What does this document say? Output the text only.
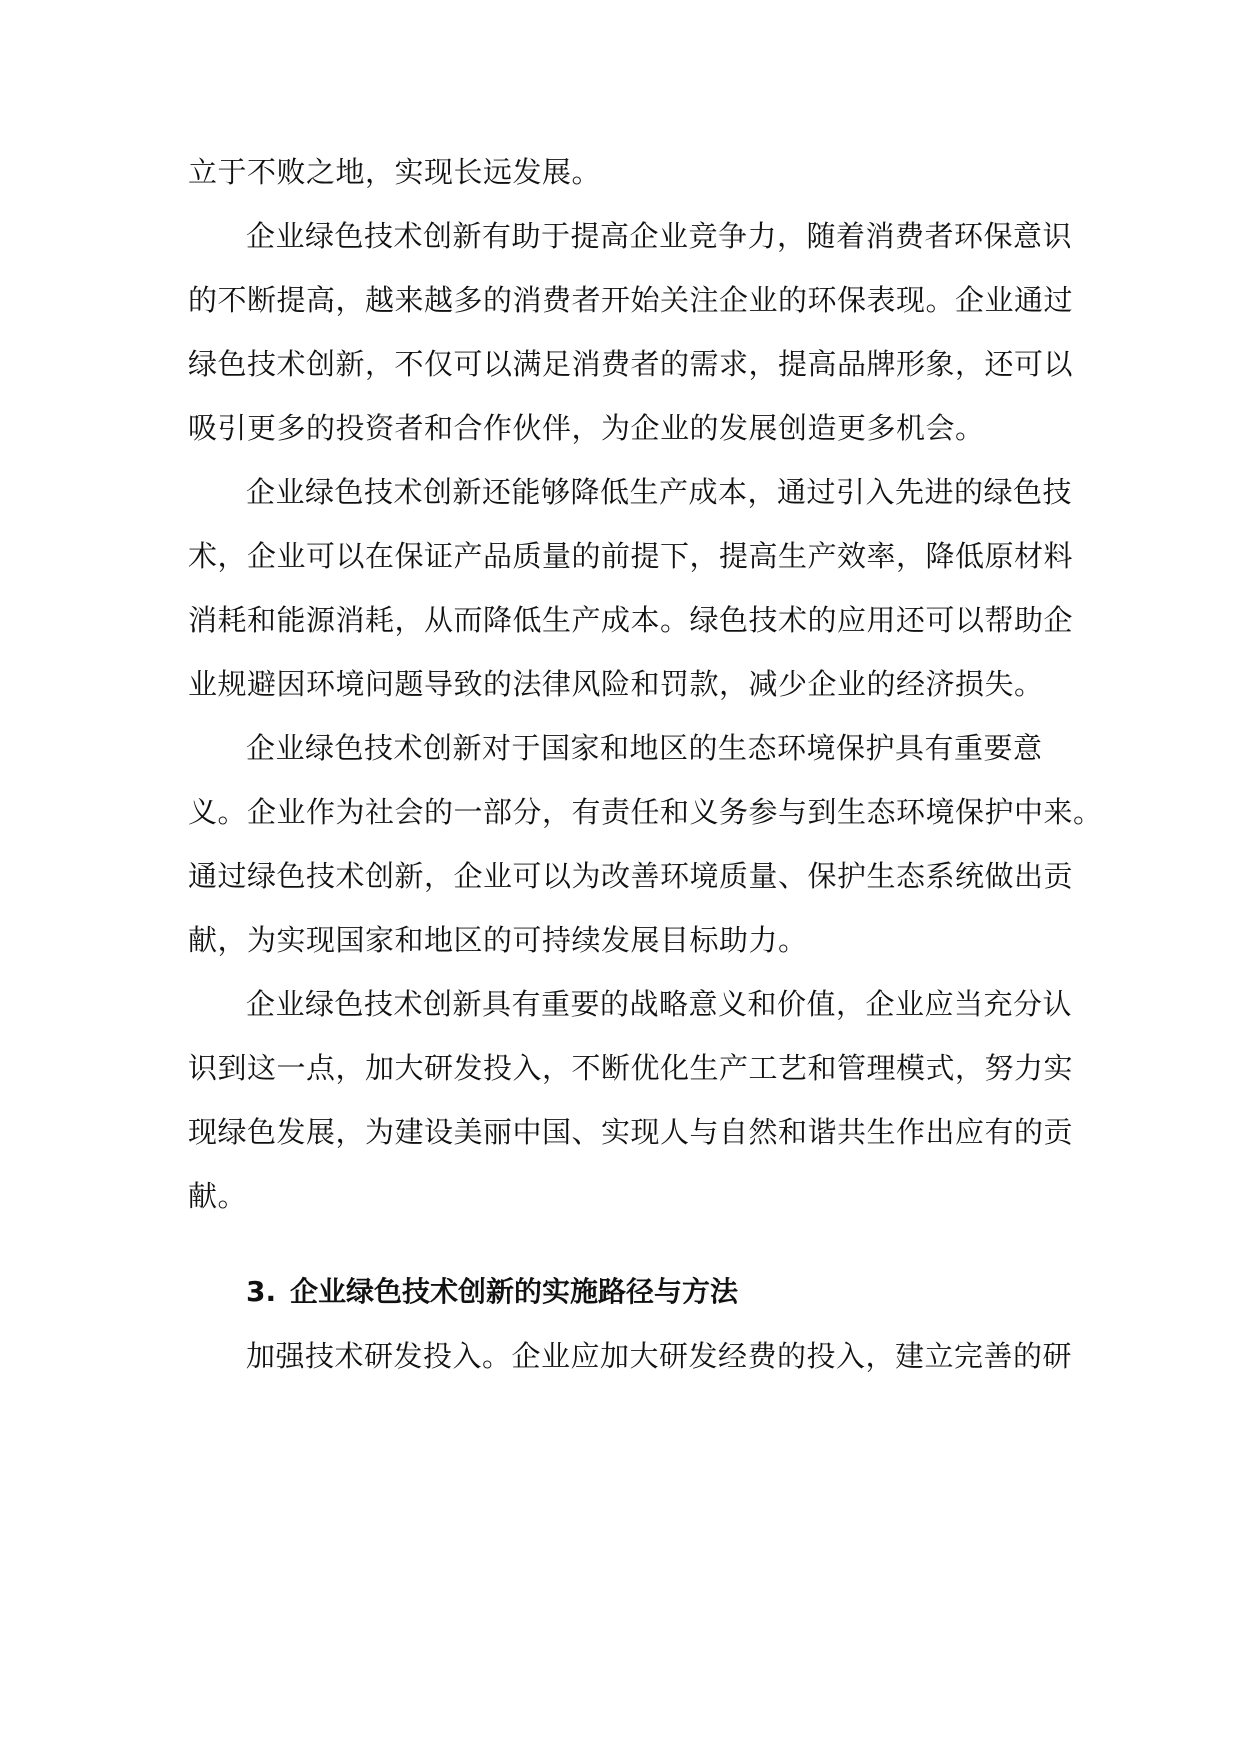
立于不败之地，实现长远发展。
企业绿色技术创新有助于提高企业竞争力，随着消费者环保意识
的不断提高，越来越多的消费者开始关注企业的环保表现。企业通过
绿色技术创新，不仅可以满足消费者的需求，提高品牌形象，还可以
吸引更多的投资者和合作伙伴，为企业的发展创造更多机会。
企业绿色技术创新还能够降低生产成本，通过引入先进的绿色技
术，企业可以在保证产品质量的前提下，提高生产效率，降低原材料
消耗和能源消耗，从而降低生产成本。绿色技术的应用还可以帮助企
业规避因环境问题导致的法律风险和罚款，减少企业的经济损失。
企业绿色技术创新对于国家和地区的生态环境保护具有重要意
义。企业作为社会的一部分，有责任和义务参与到生态环境保护中来。
通过绿色技术创新，企业可以为改善环境质量、保护生态系统做出贡
献，为实现国家和地区的可持续发展目标助力。
企业绿色技术创新具有重要的战略意义和价值，企业应当充分认
识到这一点，加大研发投入，不断优化生产工艺和管理模式，努力实
现绿色发展，为建设美丽中国、实现人与自然和谐共生作出应有的贡
献。
3. 企业绿色技术创新的实施路径与方法
加强技术研发投入。企业应加大研发经费的投入，建立完善的研
